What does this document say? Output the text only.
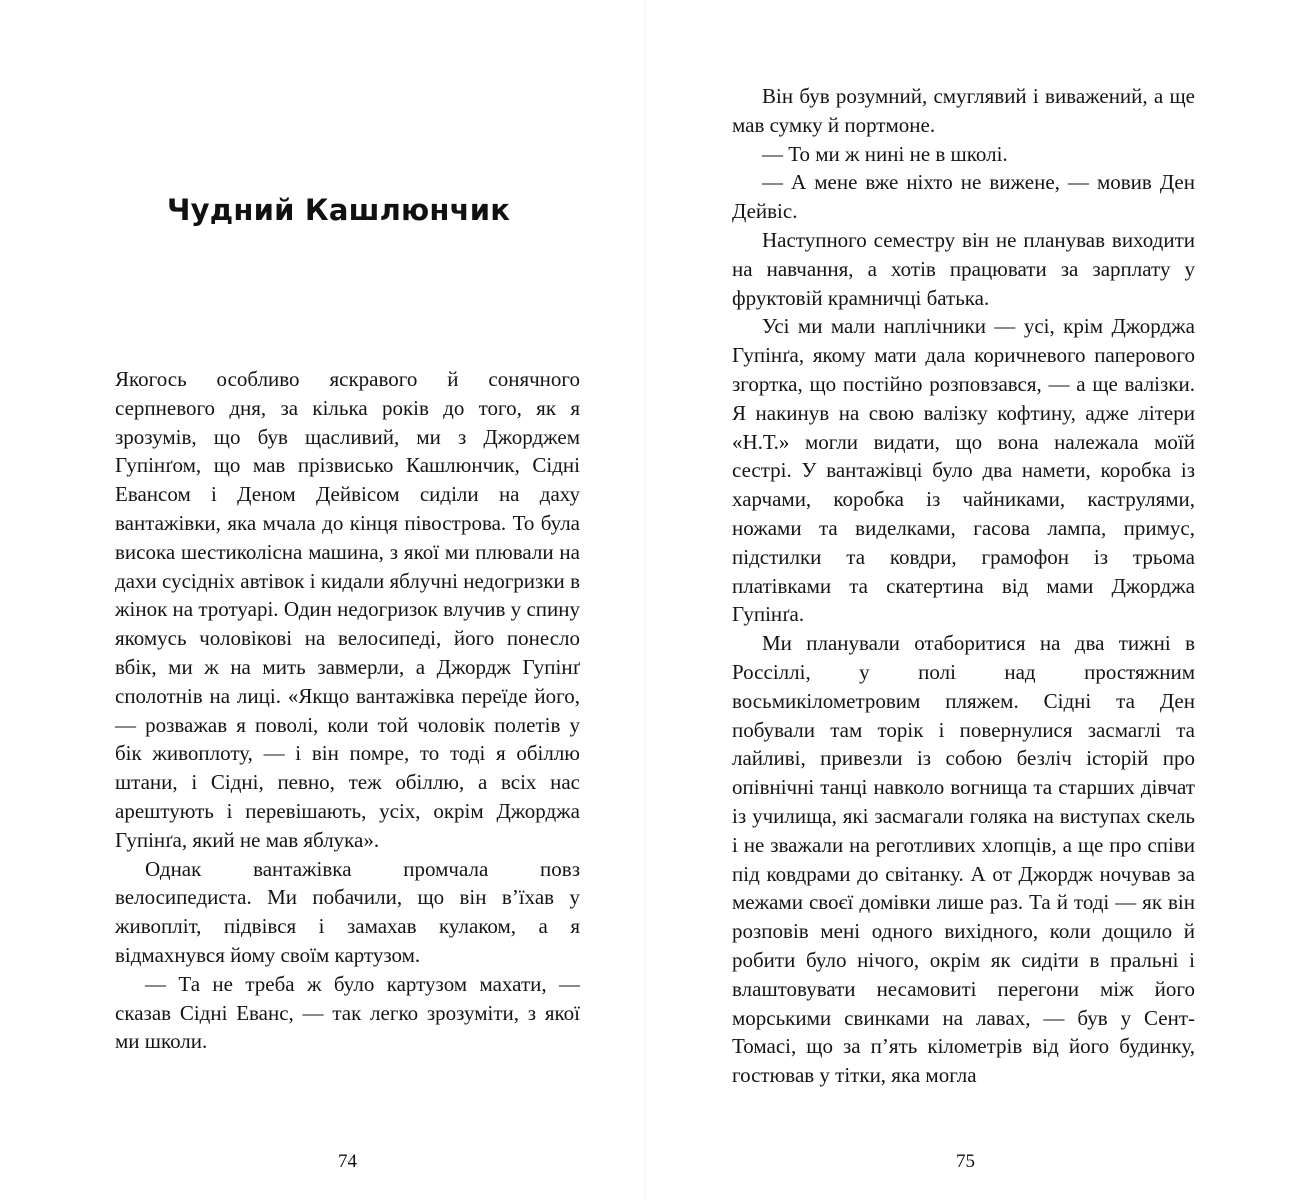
Чудний Кашлюнчик

Якогось особливо яскравого й сонячного серпневого дня, за кілька років до того, як я зрозумів, що був щасливий, ми з Джорджем Гупінґом, що мав прізвисько Кашлюнчик, Сідні Евансом і Деном Дейвісом сиділи на даху вантажівки, яка мчала до кінця півострова. То була висока шестиколісна машина, з якої ми плювали на дахи сусідніх автівок і кидали яблучні недогризки в жінок на тротуарі. Один недогризок влучив у спину якомусь чоловікові на велосипеді, його понесло вбік, ми ж на мить завмерли, а Джордж Гупінґ сполотнів на лиці. «Якщо вантажівка переїде його, — розважав я поволі, коли той чоловік полетів у бік живоплоту, — і він помре, то тоді я обіллю штани, і Сідні, певно, теж обіллю, а всіх нас арештують і перевішають, усіх, окрім Джорджа Гупінґа, який не мав яблука».

Однак вантажівка промчала повз велосипедиста. Ми побачили, що він в’їхав у живопліт, підвівся і замахав кулаком, а я відмахнувся йому своїм картузом.

— Та не треба ж було картузом махати, — сказав Сідні Еванс, — так легко зрозуміти, з якої ми школи.

74

Він був розумний, смуглявий і виважений, а ще мав сумку й портмоне.

— То ми ж нині не в школі.

— А мене вже ніхто не вижене, — мовив Ден Дейвіс.

Наступного семестру він не планував виходити на навчання, а хотів працювати за зарплату у фруктовій крамничці батька.

Усі ми мали наплічники — усі, крім Джорджа Гупінґа, якому мати дала коричневого паперового згортка, що постійно розповзався, — а ще валізки. Я накинув на свою валізку кофтину, адже літери «Н.Т.» могли видати, що вона належала моїй сестрі. У вантажівці було два намети, коробка із харчами, коробка із чайниками, каструлями, ножами та виделками, гасова лампа, примус, підстилки та ковдри, грамофон із трьома платівками та скатертина від мами Джорджа Гупінґа.

Ми планували отаборитися на два тижні в Россіллі, у полі над простяжним восьмикілометровим пляжем. Сідні та Ден побували там торік і повернулися засмаглі та лайливі, привезли із собою безліч історій про опівнічні танці навколо вогнища та старших дівчат із училища, які засмагали голяка на виступах скель і не зважали на реготливих хлопців, а ще про співи під ковдрами до світанку. А от Джордж ночував за межами своєї домівки лише раз. Та й тоді — як він розповів мені одного вихідного, коли дощило й робити було нічого, окрім як сидіти в пральні і влаштовувати несамовиті перегони між його морськими свинками на лавах, — був у Сент-Томасі, що за п’ять кілометрів від його будинку, гостював у тітки, яка могла

75
